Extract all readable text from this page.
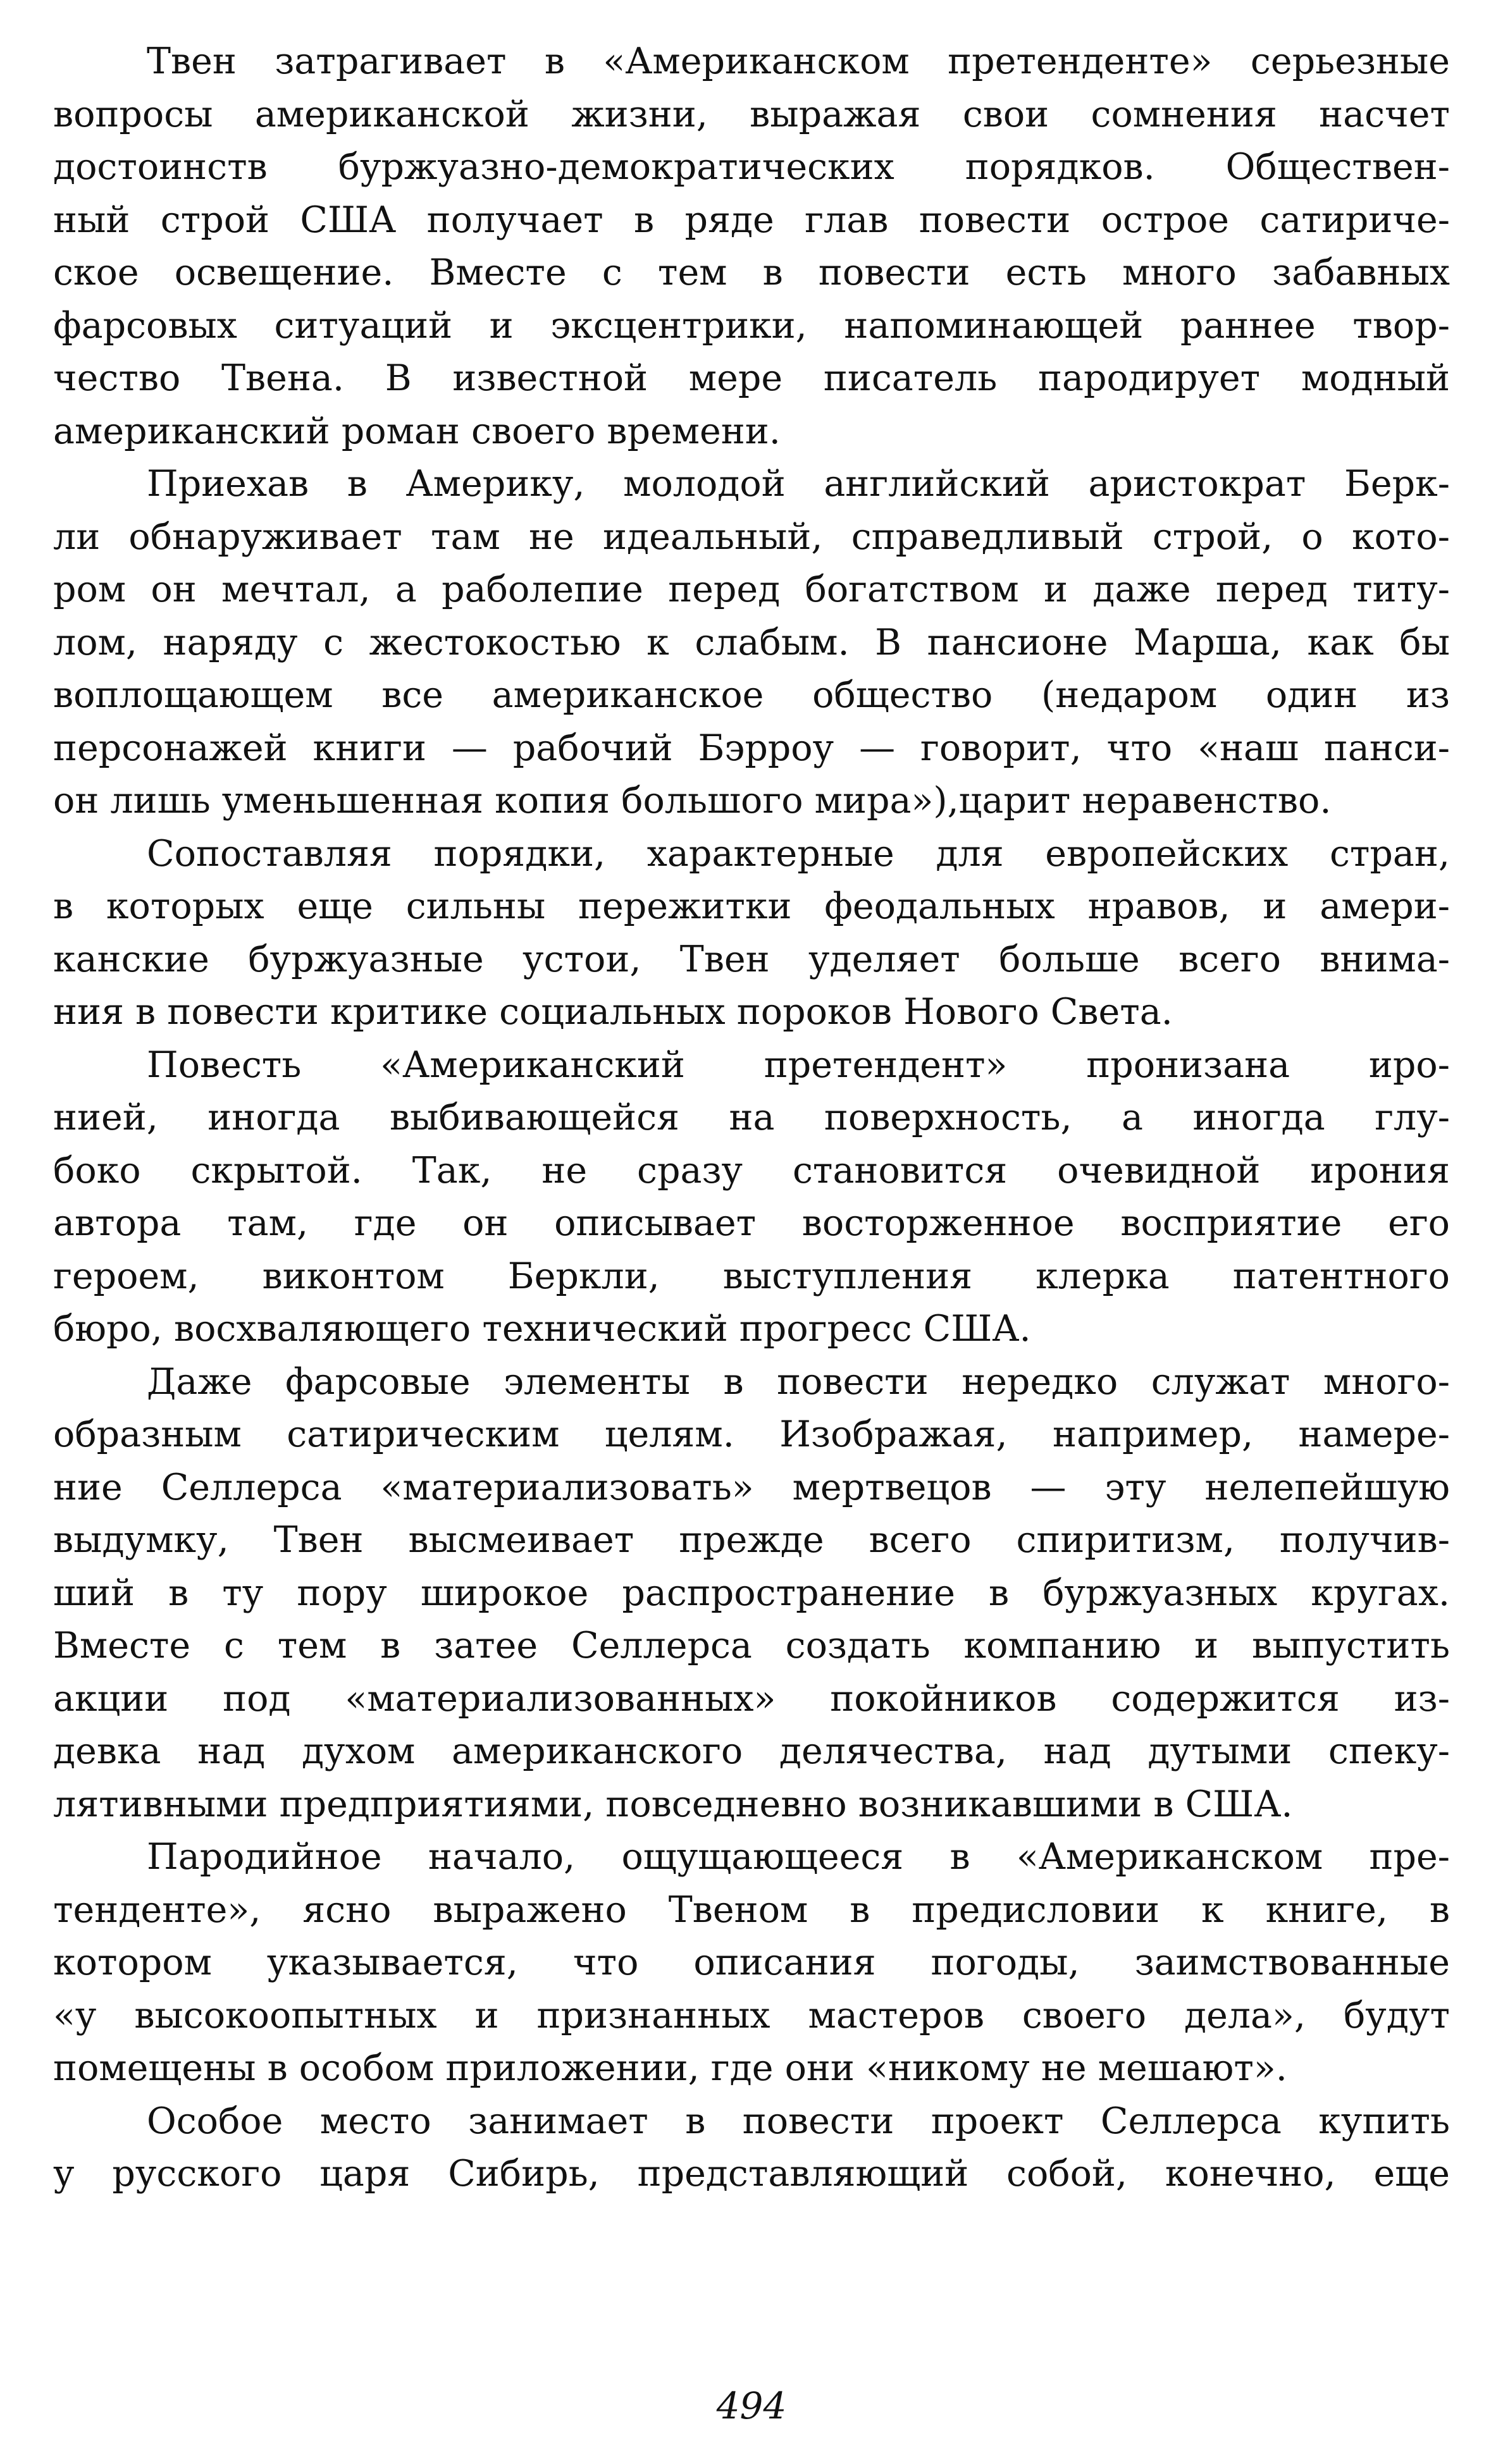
Твен затрагивает в «Американском претенденте» серьезные
вопросы американской жизни, выражая свои сомнения насчет
достоинств буржуазно-демократических порядков. Обществен-
ный строй США получает в ряде глав повести острое сатириче-
ское освещение. Вместе с тем в повести есть много забавных
фарсовых ситуаций и эксцентрики, напоминающей раннее твор-
чество Твена. В известной мере писатель пародирует модный
американский роман своего времени.
Приехав в Америку, молодой английский аристократ Берк-
ли обнаруживает там не идеальный, справедливый строй, о кото-
ром он мечтал, а раболепие перед богатством и даже перед титу-
лом, наряду с жестокостью к слабым. В пансионе Марша, как бы
воплощающем все американское общество (недаром один из
персонажей книги — рабочий Бэрроу — говорит, что «наш панси-
он лишь уменьшенная копия большого мира»),царит неравенство.
Сопоставляя порядки, характерные для европейских стран,
в которых еще сильны пережитки феодальных нравов, и амери-
канские буржуазные устои, Твен уделяет больше всего внима-
ния в повести критике социальных пороков Нового Света.
Повесть «Американский претендент» пронизана иро-
нией, иногда выбивающейся на поверхность, а иногда глу-
боко скрытой. Так, не сразу становится очевидной ирония
автора там, где он описывает восторженное восприятие его
героем, виконтом Беркли, выступления клерка патентного
бюро, восхваляющего технический прогресс США.
Даже фарсовые элементы в повести нередко служат много-
образным сатирическим целям. Изображая, например, намере-
ние Селлерса «материализовать» мертвецов — эту нелепейшую
выдумку, Твен высмеивает прежде всего спиритизм, получив-
ший в ту пору широкое распространение в буржуазных кругах.
Вместе с тем в затее Селлерса создать компанию и выпустить
акции под «материализованных» покойников содержится из-
девка над духом американского делячества, над дутыми спеку-
лятивными предприятиями, повседневно возникавшими в США.
Пародийное начало, ощущающееся в «Американском пре-
тенденте», ясно выражено Твеном в предисловии к книге, в
котором указывается, что описания погоды, заимствованные
«у высокоопытных и признанных мастеров своего дела», будут
помещены в особом приложении, где они «никому не мешают».
Особое место занимает в повести проект Селлерса купить
у русского царя Сибирь, представляющий собой, конечно, еще
494
